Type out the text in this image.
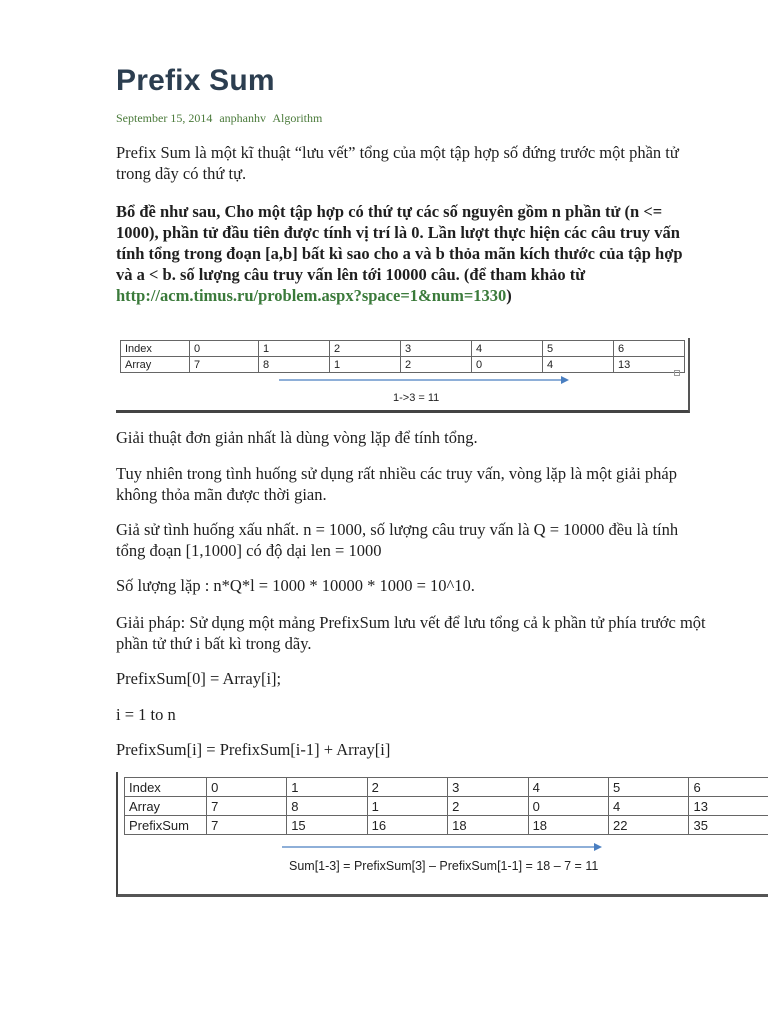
Prefix Sum
September 15, 2014 anphanhv Algorithm

Prefix Sum là một kĩ thuật “lưu vết” tổng của một tập hợp số đứng trước một phần tử trong dãy có thứ tự.

Bổ đề như sau, Cho một tập hợp có thứ tự các số nguyên gồm n phần tử (n <= 1000), phần tử đầu tiên được tính vị trí là 0. Lần lượt thực hiện các câu truy vấn tính tổng trong đoạn [a,b] bất kì sao cho a và b thỏa mãn kích thước của tập hợp và a < b. số lượng câu truy vấn lên tới 10000 câu. (để tham khảo từ http://acm.timus.ru/problem.aspx?space=1&num=1330)

Index	0	1	2	3	4	5	6
Array	7	8	1	2	0	4	13
1->3 = 11

Giải thuật đơn giản nhất là dùng vòng lặp để tính tổng.

Tuy nhiên trong tình huống sử dụng rất nhiều các truy vấn, vòng lặp là một giải pháp không thỏa mãn được thời gian.

Giả sử tình huống xấu nhất. n = 1000, số lượng câu truy vấn là Q = 10000 đều là tính tổng đoạn [1,1000] có độ dại len = 1000

Số lượng lặp : n*Q*l = 1000 * 10000 * 1000 = 10^10.

Giải pháp: Sử dụng một mảng PrefixSum lưu vết để lưu tổng cả k phần tử phía trước một phần tử thứ i bất kì trong dãy.

PrefixSum[0] = Array[i];

i = 1 to n

PrefixSum[i] = PrefixSum[i-1] + Array[i]

Index	0	1	2	3	4	5	6
Array	7	8	1	2	0	4	13
PrefixSum	7	15	16	18	18	22	35
Sum[1-3] = PrefixSum[3] – PrefixSum[1-1] = 18 – 7 = 11
